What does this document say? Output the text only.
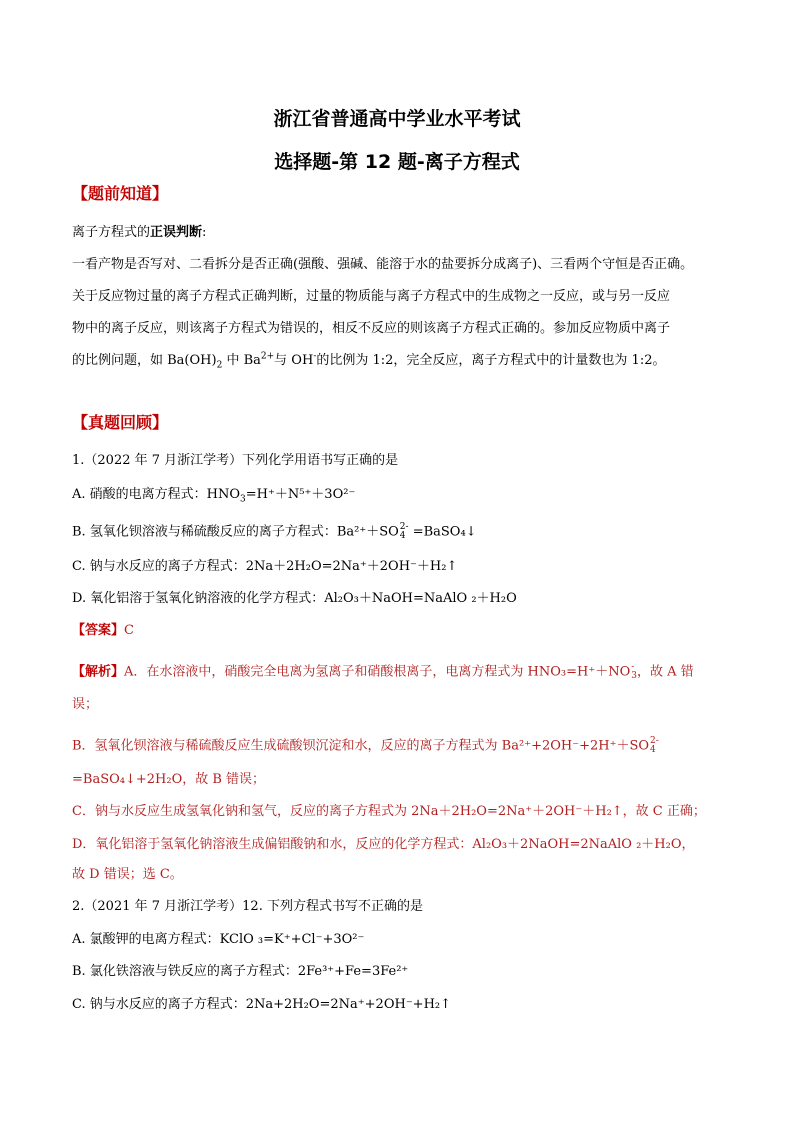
浙江省普通高中学业水平考试
选择题-第 12 题-离子方程式
【题前知道】
离子方程式的正误判断:
一看产物是否写对、二看拆分是否正确(强酸、强碱、能溶于水的盐要拆分成离子)、三看两个守恒是否正确。
关于反应物过量的离子方程式正确判断，过量的物质能与离子方程式中的生成物之一反应，或与另一反应
物中的离子反应，则该离子方程式为错误的，相反不反应的则该离子方程式正确的。参加反应物质中离子
的比例问题，如 $Ba(OH)_2$ 中 $Ba^{2+}$与 OH-的比例为 1:2，完全反应，离子方程式中的计量数也为 1:2。
【真题回顾】
1.（2022 年 7 月浙江学考）下列化学用语书写正确的是
A. 硝酸的电离方程式：$HNO_3=H^++N^{5+}+3O^{2-}$
B. 氢氧化钡溶液与稀硫酸反应的离子方程式：Ba²⁺＋SO 2-
4 =BaSO₄↓
C. 钠与水反应的离子方程式：2Na＋2H₂O=2Na⁺＋2OH⁻＋H₂↑
D. 氧化铝溶于氢氧化钠溶液的化学方程式：Al₂O₃＋NaOH=NaAlO ₂＋H₂O
【答案】C
【解析】A．在水溶液中，硝酸完全电离为氢离子和硝酸根离子，电离方程式为 HNO₃=H⁺＋NO -
3 ，故 A 错
误；
B．氢氧化钡溶液与稀硫酸反应生成硫酸钡沉淀和水，反应的离子方程式为 Ba²⁺+2OH⁻+2H⁺＋SO 2-
4
=BaSO₄↓+2H₂O，故 B 错误；
C．钠与水反应生成氢氧化钠和氢气，反应的离子方程式为 2Na＋2H₂O=2Na⁺＋2OH⁻＋H₂↑，故 C 正确；
D．氧化铝溶于氢氧化钠溶液生成偏铝酸钠和水，反应的化学方程式：Al₂O₃＋2NaOH=2NaAlO ₂＋H₂O，
故 D 错误；选 C。
2.（2021 年 7 月浙江学考）12. 下列方程式书写不正确的是
A. 氯酸钾的电离方程式：KClO ₃=K⁺+Cl⁻+3O²⁻
B. 氯化铁溶液与铁反应的离子方程式：2Fe³⁺+Fe=3Fe²⁺
C. 钠与水反应的离子方程式：2Na+2H₂O=2Na⁺+2OH⁻+H₂↑
